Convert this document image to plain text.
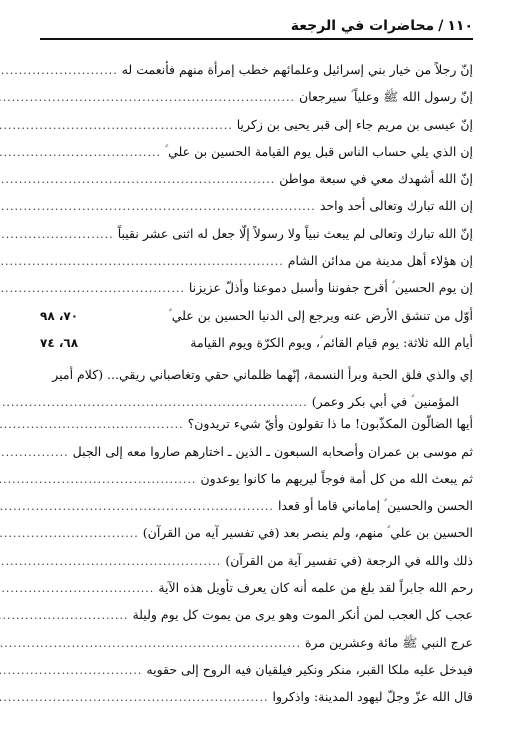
١١٠
/
محاضرات في الرجعة
إنّ رجلاً من خيار بني إسرائيل وعلمائهم خطب إمرأة منهم فأنعمت له
.....
إنّ رسول الله ﷺ وعلياً ؑ سيرجعان
.....
إنّ عيسى بن مريم جاء إلى قبر يحيى بن زكريا
.....
إن الذي يلي حساب الناس قبل يوم القيامة الحسين بن علي ؑ
.....
إنّ الله أشهدك معي في سبعة مواطن
.....
إن الله تبارك وتعالى أحد واحد
.....
إنّ الله تبارك وتعالى لم يبعث نبياً ولا رسولاً إلّا جعل له اثنى عشر نقيباً
.....
إن هؤلاء أهل مدينة من مدائن الشام
.....
إن يوم الحسين ؑ أقرح جفوننا وأسبل دموعنا وأذلّ عزيزنا
.....
أوّل من تنشق الأرض عنه ويرجع إلى الدنيا الحسين بن علي ؑ
٧٠، ٩٨
أيام الله ثلاثة: يوم قيام القائم ؑ، ويوم الكرّة ويوم القيامة
٦٨، ٧٤
إي والذي فلق الحبة وبرأ النسمة، إنّهما ظلماني حقي وتغاصباني ريقي... (كلام أمير
المؤمنين ؑ في أبي بكر وعمر)
.....
أيها الضالّون المكذّبون! ما ذا تقولون وأيّ شيء تريدون؟
.....
ثم موسى بن عمران وأصحابه السبعون ـ الذين ـ اختارهم صاروا معه إلى الجبل
.....
ثم يبعث الله من كل أمة فوجاً ليريهم ما كانوا يوعدون
.....
الحسن والحسين ؑ إماماني قاما أو قعدا
.....
الحسين بن علي ؑ منهم، ولم ينصر بعد (في تفسير آيه من القرآن)
.....
ذلك والله في الرجعة (في تفسير آية من القرآن)
.....
رحم الله جابراً لقد بلغ من علمه أنه كان يعرف تأويل هذه الآية
.....
عجب كل العجب لمن أنكر الموت وهو يرى من يموت كل يوم وليلة
.....
عرج النبي ﷺ مائة وعشرين مرة
.....
فيدخل عليه ملكا القبر، منكر ونكير فيلقيان فيه الروح إلى حقويه
.....
قال الله عزّ وجلّ ليهود المدينة: واذكروا
.....
